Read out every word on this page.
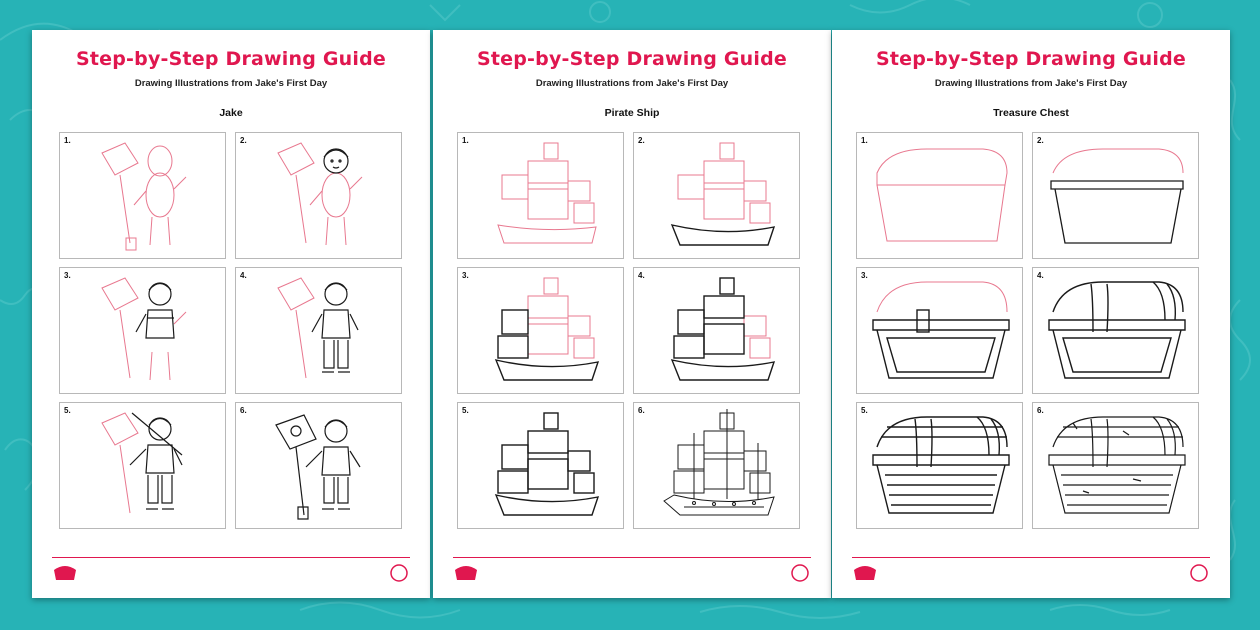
Step-by-Step Drawing Guide
Drawing Illustrations from Jake's First Day
Jake
1.	2.
3.	4.
5.	6.
Step-by-Step Drawing Guide
Drawing Illustrations from Jake's First Day
Pirate Ship
1.	2.
3.	4.
5.	6.
Step-by-Step Drawing Guide
Drawing Illustrations from Jake's First Day
Treasure Chest
1.	2.
3.	4.
5.	6.
